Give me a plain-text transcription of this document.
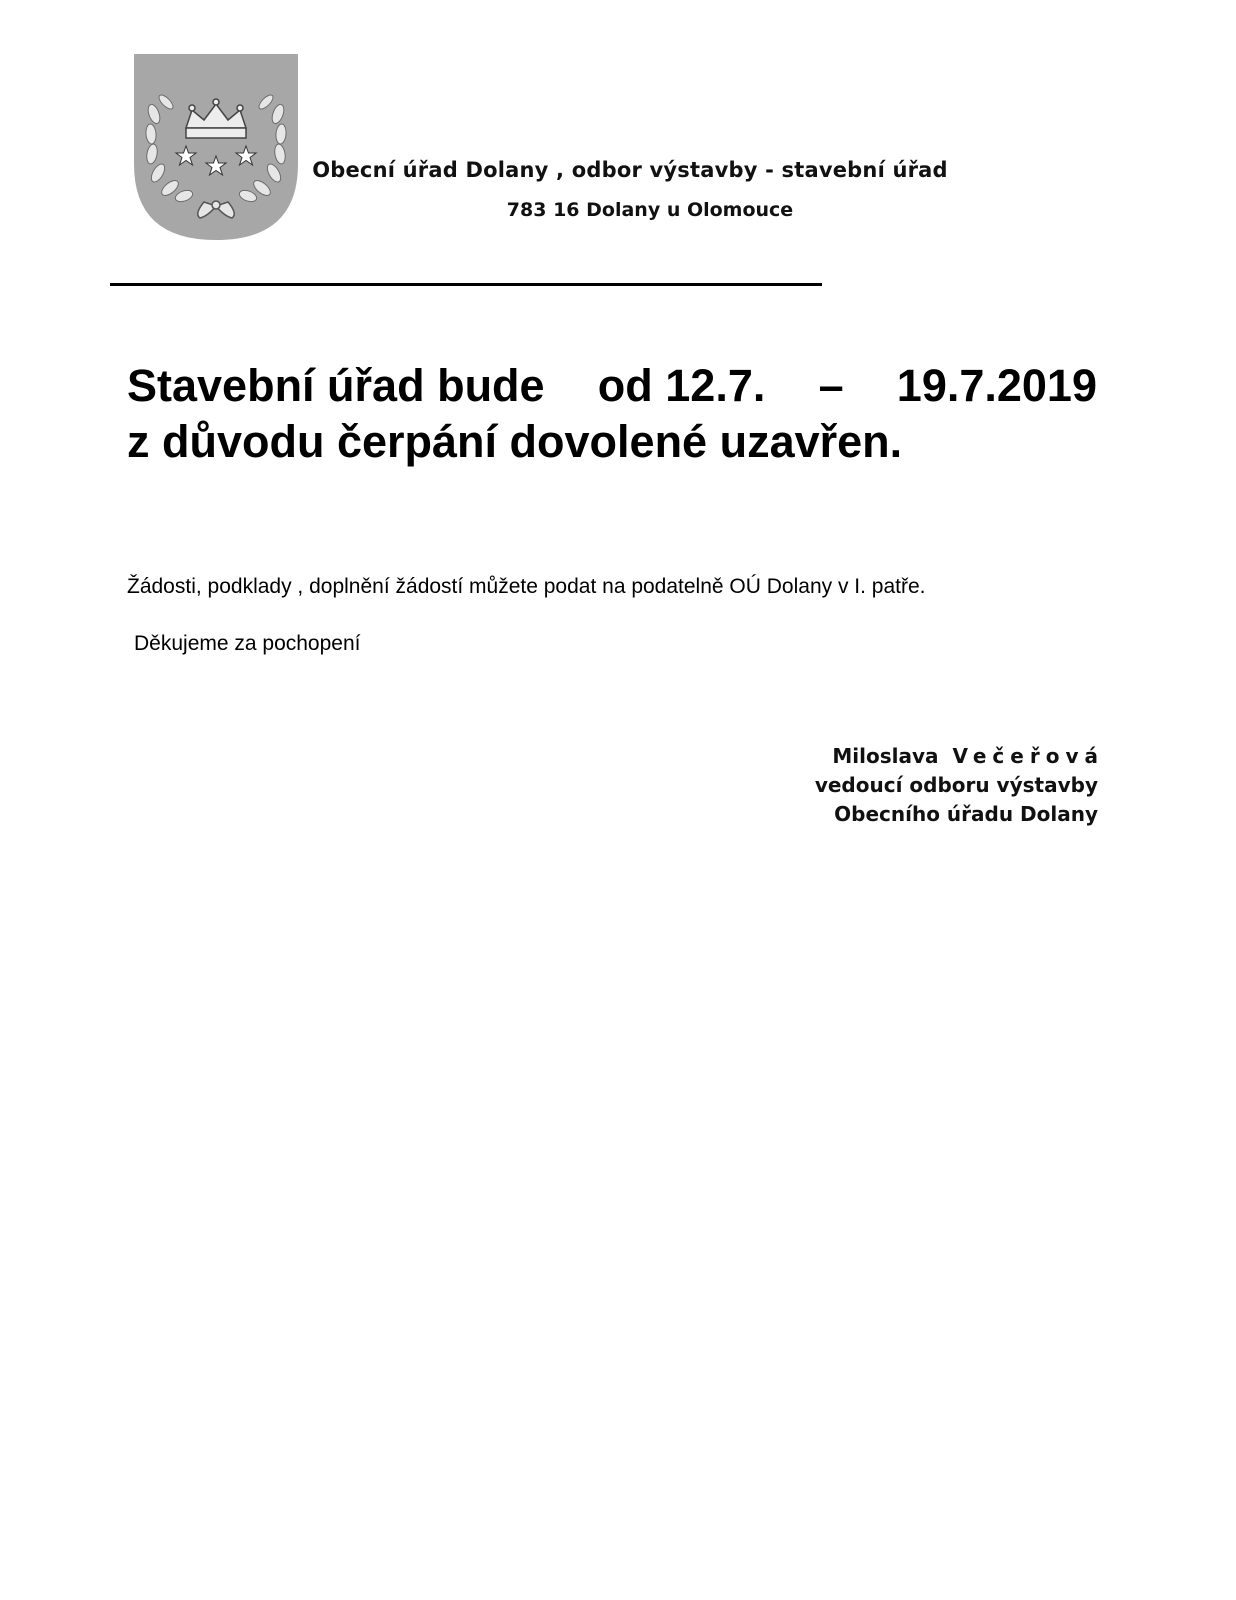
Obecní úřad Dolany , odbor výstavby - stavební úřad
783 16 Dolany u Olomouce
Stavební úřad bude od 12.7. – 19.7.2019
z důvodu čerpání dovolené uzavřen.
Žádosti, podklady , doplnění žádostí můžete podat na podatelně OÚ Dolany v I. patře.
Děkujeme za pochopení
Miloslava Večeřová
vedoucí odboru výstavby
Obecního úřadu Dolany
